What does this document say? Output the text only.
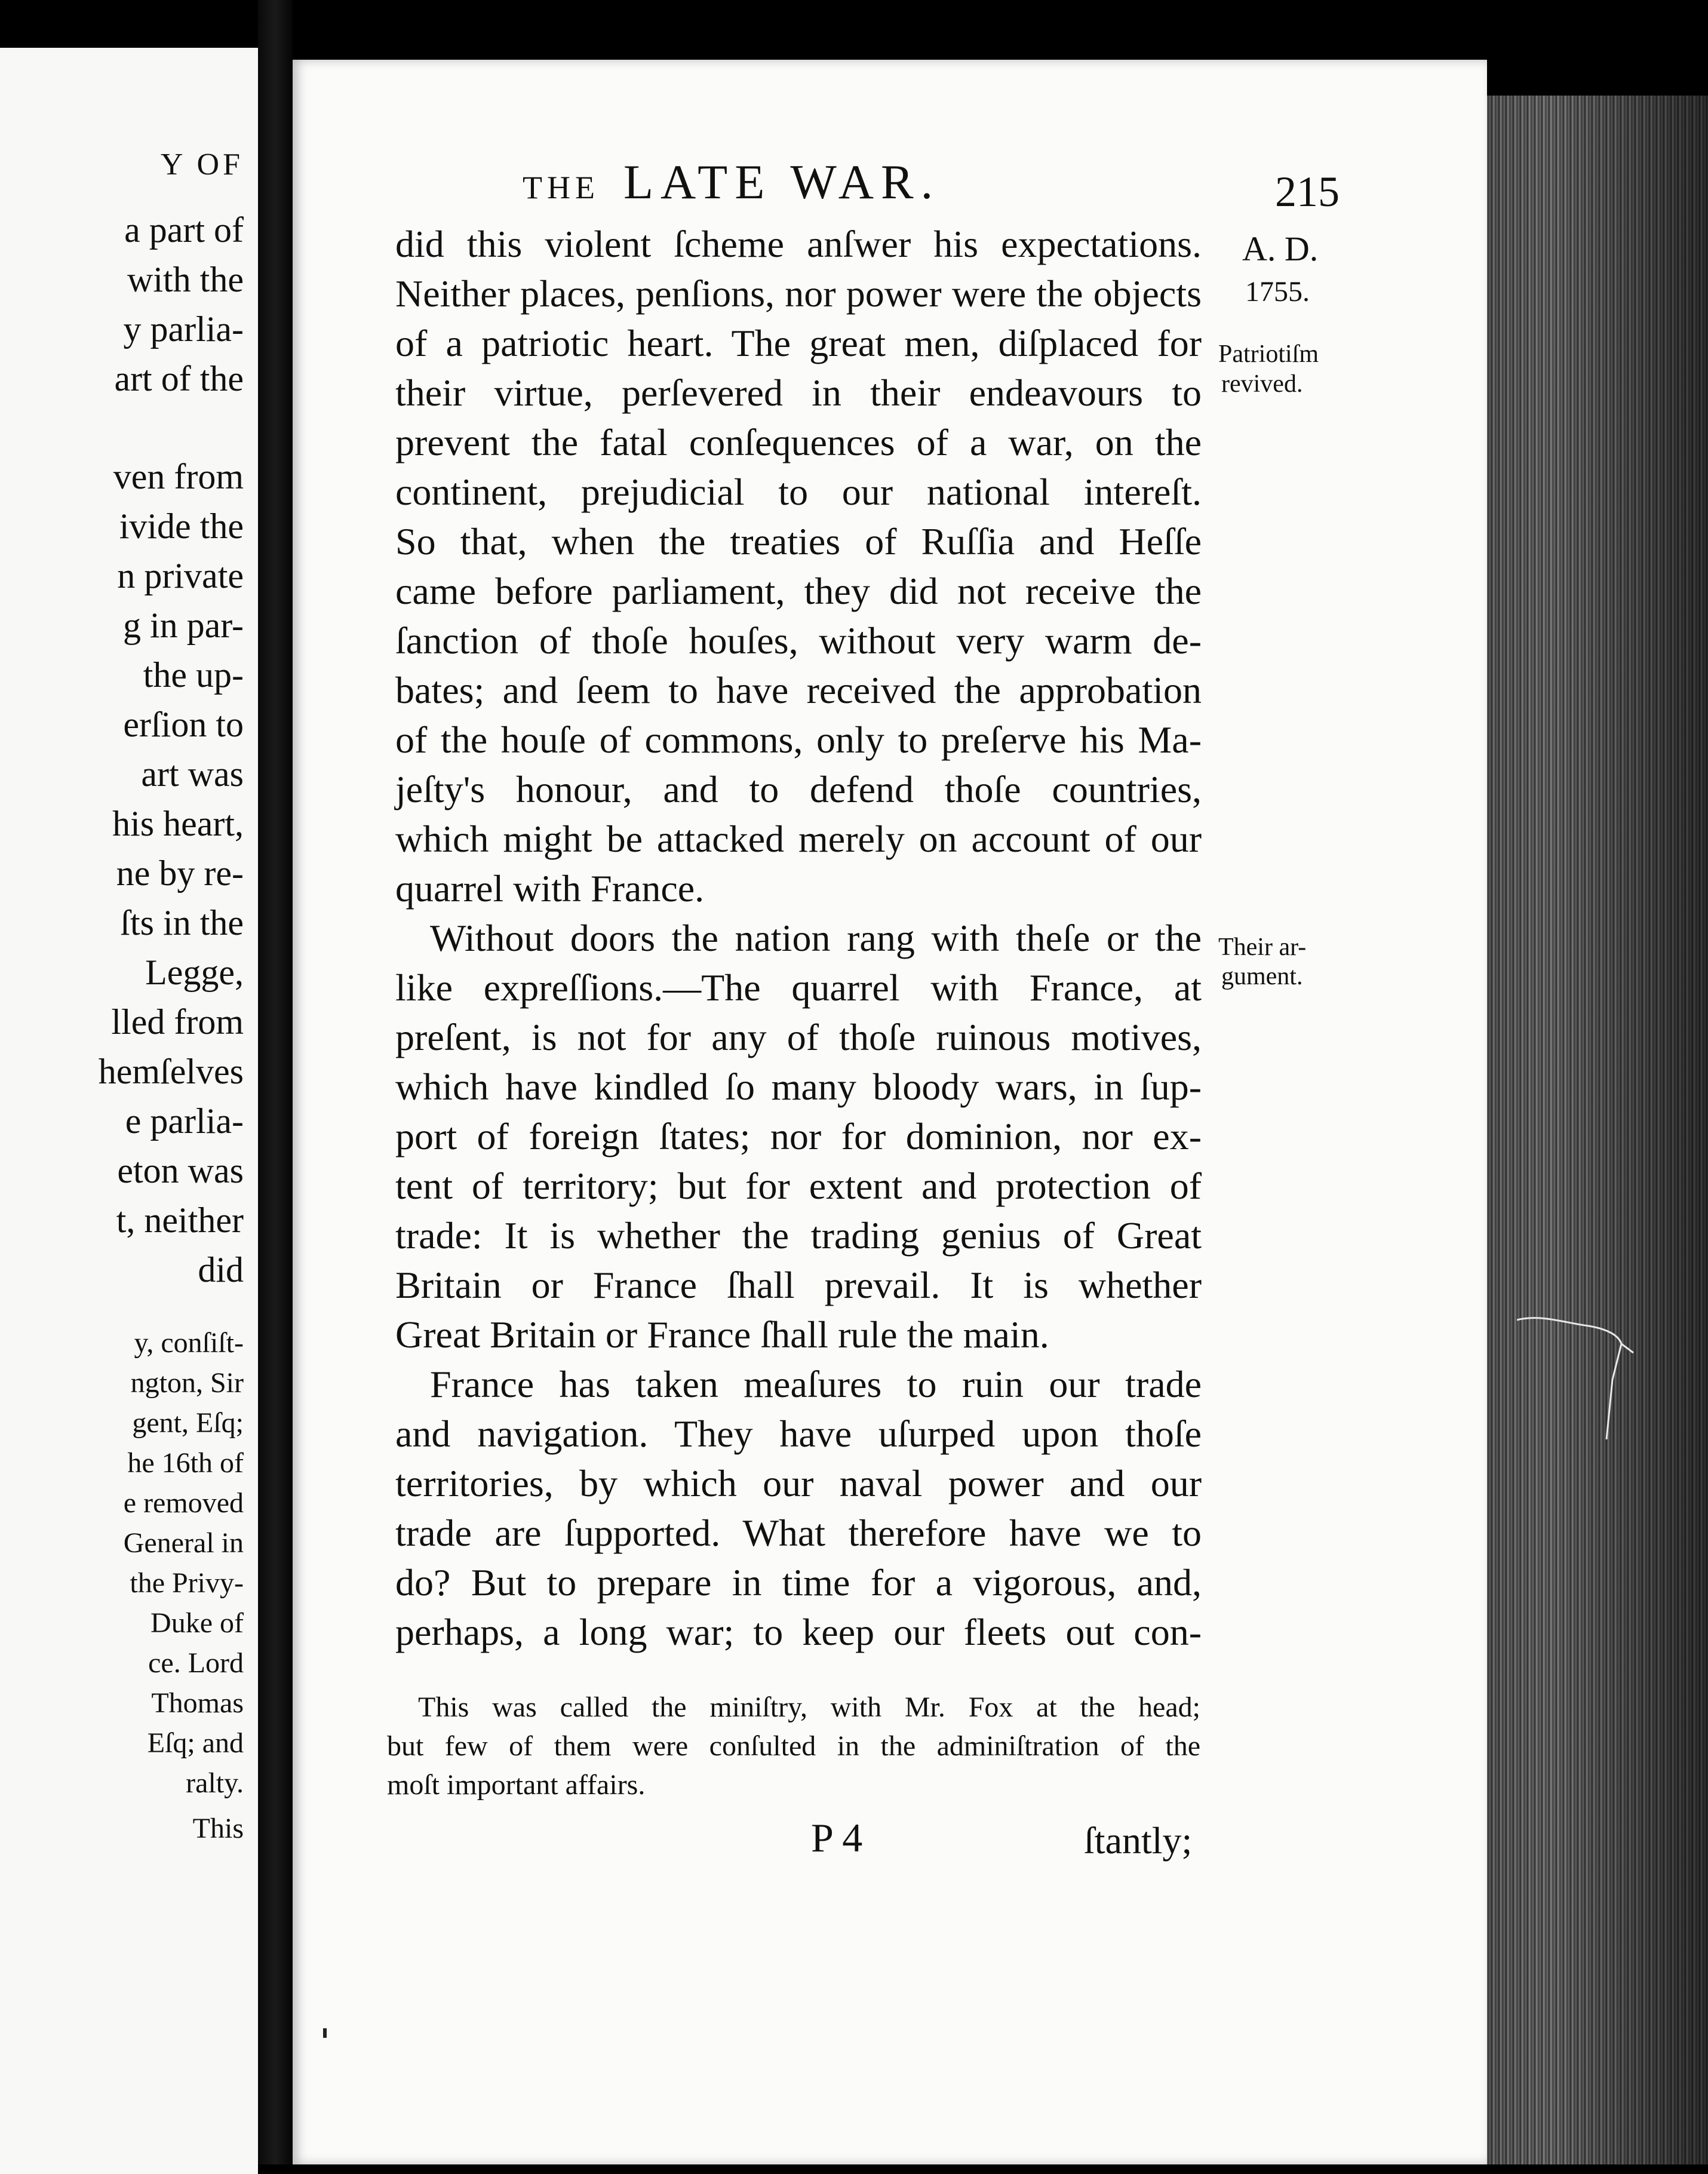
Y OF
a part of
with the
y parlia-
art of the
ven from
ivide the
n private
g in par-
the up-
erſion to
art was
his heart,
ne by re-
ſts in the
Legge,
lled from
hemſelves
e parlia-
eton was
t, neither
did
y, conſiſt-
ngton, Sir
gent, Eſq;
he 16th of
e removed
General in
the Privy-
Duke of
ce. Lord
Thomas
Eſq; and
ralty.
This
THE LATE WAR.	215
A. D.
1755.
Patriotiſm
revived.
Their ar-
gument.
did this violent ſcheme anſwer his expectations.
Neither places, penſions, nor power were the objects
of a patriotic heart. The great men, diſplaced for
their virtue, perſevered in their endeavours to
prevent the fatal conſequences of a war, on the
continent, prejudicial to our national intereſt.
So that, when the treaties of Ruſſia and Heſſe
came before parliament, they did not receive the
ſanction of thoſe houſes, without very warm de-
bates; and ſeem to have received the approbation
of the houſe of commons, only to preſerve his Ma-
jeſty's honour, and to defend thoſe countries,
which might be attacked merely on account of our
quarrel with France.
Without doors the nation rang with theſe or the
like expreſſions.—The quarrel with France, at
preſent, is not for any of thoſe ruinous motives,
which have kindled ſo many bloody wars, in ſup-
port of foreign ſtates; nor for dominion, nor ex-
tent of territory; but for extent and protection of
trade: It is whether the trading genius of Great
Britain or France ſhall prevail. It is whether
Great Britain or France ſhall rule the main.
France has taken meaſures to ruin our trade
and navigation. They have uſurped upon thoſe
territories, by which our naval power and our
trade are ſupported. What therefore have we to
do? But to prepare in time for a vigorous, and,
perhaps, a long war; to keep our fleets out con-
This was called the miniſtry, with Mr. Fox at the head;
but few of them were conſulted in the adminiſtration of the
moſt important affairs.
P 4	ſtantly;
